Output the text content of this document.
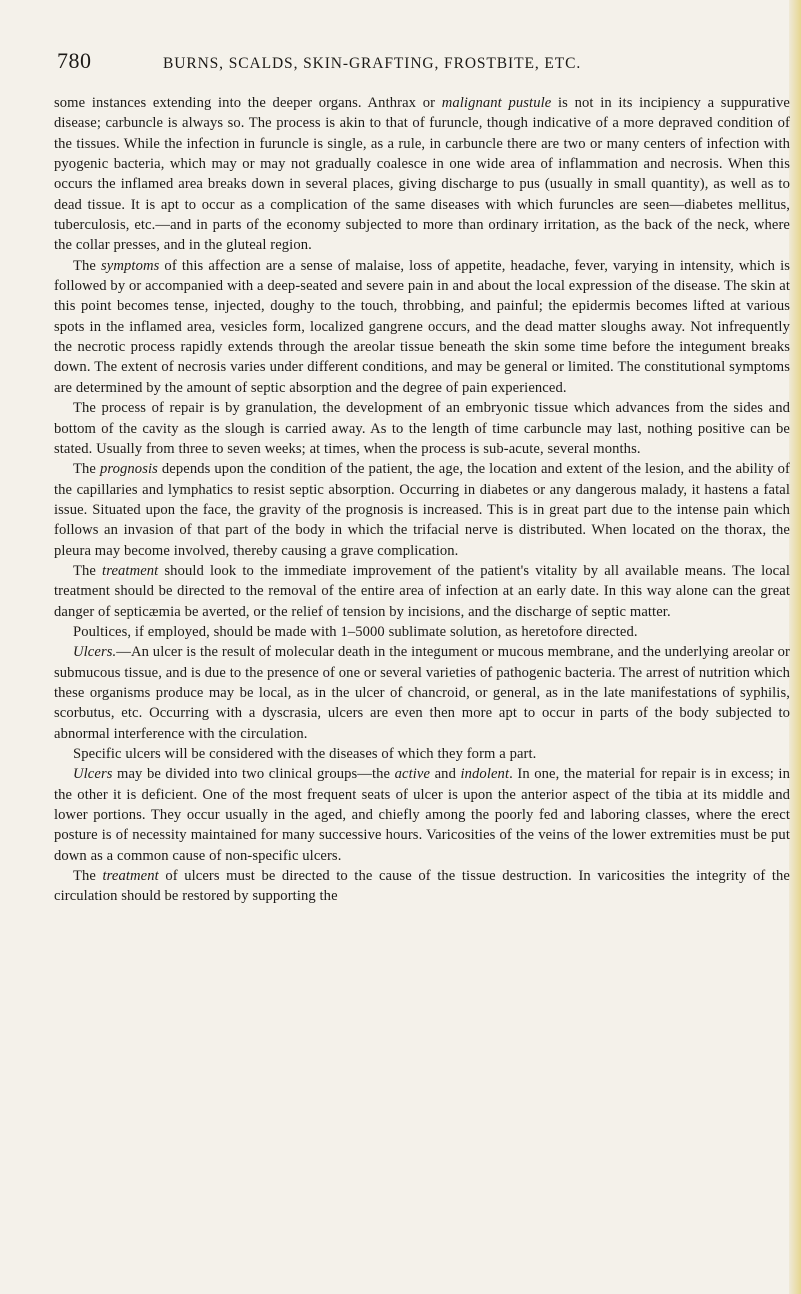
780	BURNS, SCALDS, SKIN-GRAFTING, FROSTBITE, ETC.

some instances extending into the deeper organs. Anthrax or malignant pustule is not in its incipiency a suppurative disease; carbuncle is always so. The process is akin to that of furuncle, though indicative of a more depraved condition of the tissues. While the infection in furuncle is single, as a rule, in carbuncle there are two or many centers of infection with pyogenic bacteria, which may or may not gradually coalesce in one wide area of inflammation and necrosis. When this occurs the inflamed area breaks down in several places, giving discharge to pus (usually in small quantity), as well as to dead tissue. It is apt to occur as a complication of the same diseases with which furuncles are seen—diabetes mellitus, tuberculosis, etc.—and in parts of the economy subjected to more than ordinary irritation, as the back of the neck, where the collar presses, and in the gluteal region.

The symptoms of this affection are a sense of malaise, loss of appetite, headache, fever, varying in intensity, which is followed by or accompanied with a deep-seated and severe pain in and about the local expression of the disease. The skin at this point becomes tense, injected, doughy to the touch, throbbing, and painful; the epidermis becomes lifted at various spots in the inflamed area, vesicles form, localized gangrene occurs, and the dead matter sloughs away. Not infrequently the necrotic process rapidly extends through the areolar tissue beneath the skin some time before the integument breaks down. The extent of necrosis varies under different conditions, and may be general or limited. The constitutional symptoms are determined by the amount of septic absorption and the degree of pain experienced.

The process of repair is by granulation, the development of an embryonic tissue which advances from the sides and bottom of the cavity as the slough is carried away. As to the length of time carbuncle may last, nothing positive can be stated. Usually from three to seven weeks; at times, when the process is sub-acute, several months.

The prognosis depends upon the condition of the patient, the age, the location and extent of the lesion, and the ability of the capillaries and lymphatics to resist septic absorption. Occurring in diabetes or any dangerous malady, it hastens a fatal issue. Situated upon the face, the gravity of the prognosis is increased. This is in great part due to the intense pain which follows an invasion of that part of the body in which the trifacial nerve is distributed. When located on the thorax, the pleura may become involved, thereby causing a grave complication.

The treatment should look to the immediate improvement of the patient's vitality by all available means. The local treatment should be directed to the removal of the entire area of infection at an early date. In this way alone can the great danger of septicæmia be averted, or the relief of tension by incisions, and the discharge of septic matter.

Poultices, if employed, should be made with 1–5000 sublimate solution, as heretofore directed.

Ulcers.—An ulcer is the result of molecular death in the integument or mucous membrane, and the underlying areolar or submucous tissue, and is due to the presence of one or several varieties of pathogenic bacteria. The arrest of nutrition which these organisms produce may be local, as in the ulcer of chancroid, or general, as in the late manifestations of syphilis, scorbutus, etc. Occurring with a dyscrasia, ulcers are even then more apt to occur in parts of the body subjected to abnormal interference with the circulation.

Specific ulcers will be considered with the diseases of which they form a part.

Ulcers may be divided into two clinical groups—the active and indolent. In one, the material for repair is in excess; in the other it is deficient. One of the most frequent seats of ulcer is upon the anterior aspect of the tibia at its middle and lower portions. They occur usually in the aged, and chiefly among the poorly fed and laboring classes, where the erect posture is of necessity maintained for many successive hours. Varicosities of the veins of the lower extremities must be put down as a common cause of non-specific ulcers.

The treatment of ulcers must be directed to the cause of the tissue destruction. In varicosities the integrity of the circulation should be restored by supporting the
